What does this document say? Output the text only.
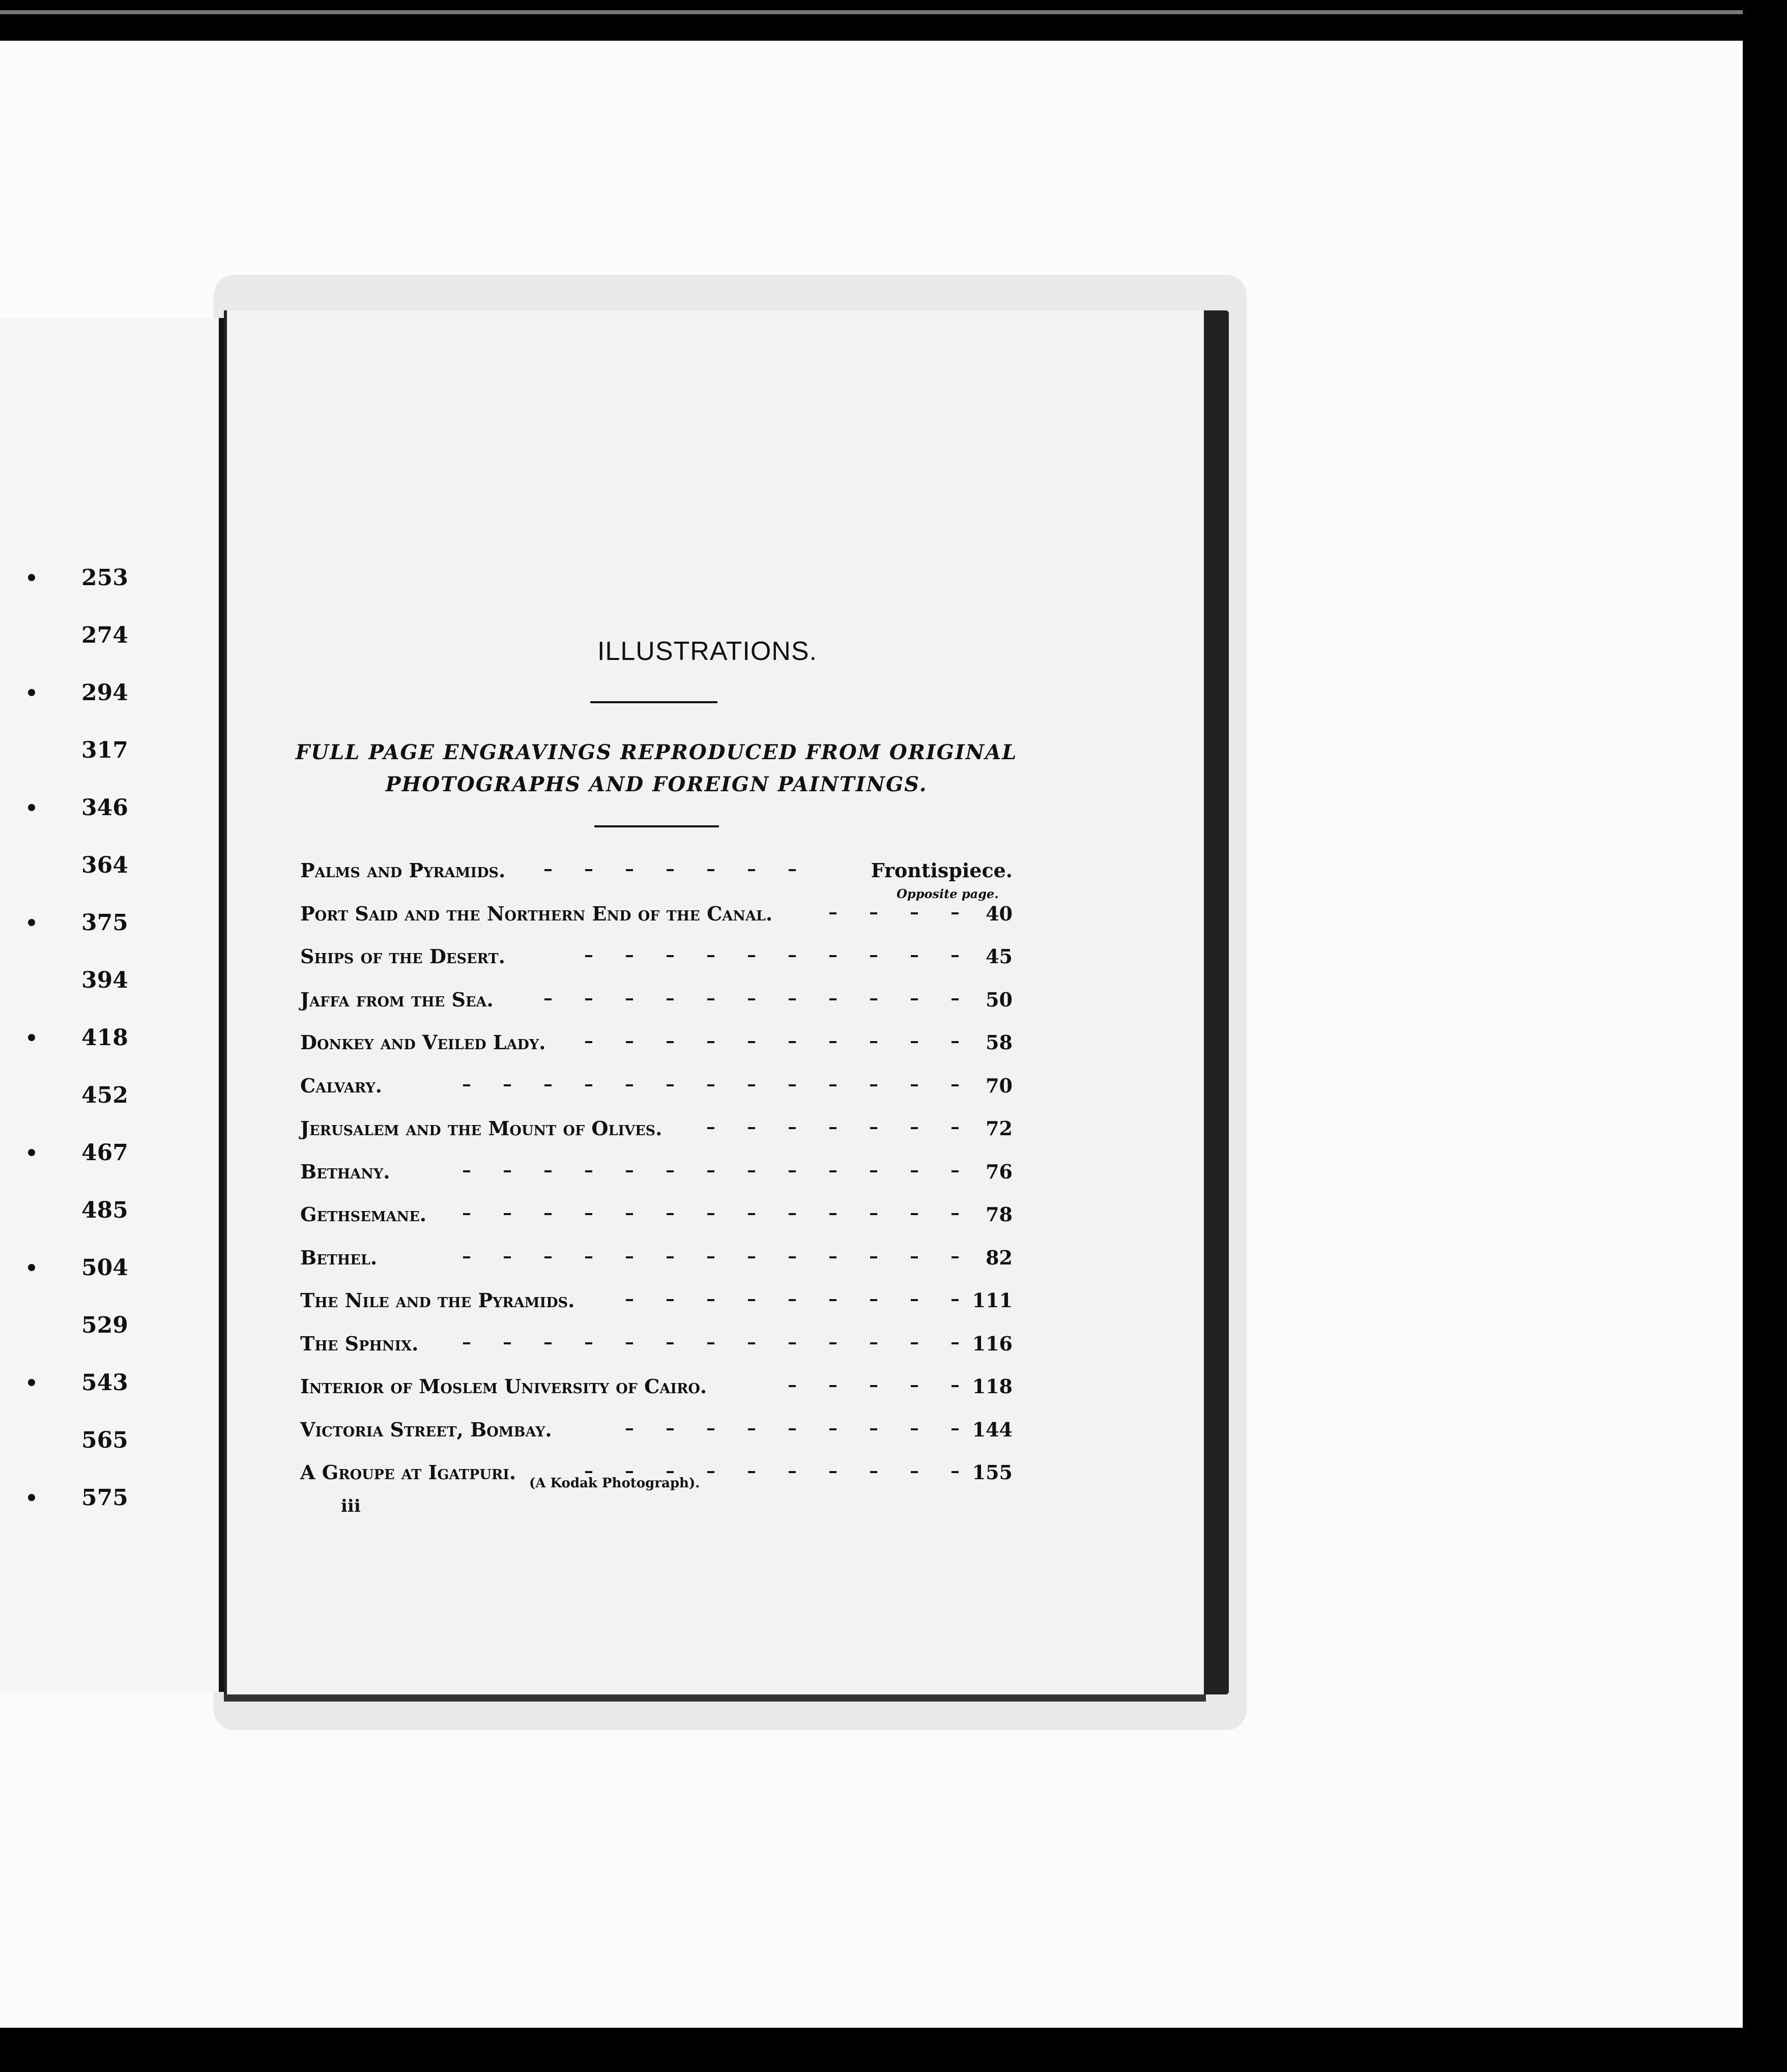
253
274
294
317
346
364
375
394
418
452
467
485
504
529
543
565
575
ILLUSTRATIONS.
FULL PAGE ENGRAVINGS REPRODUCED FROM ORIGINAL
PHOTOGRAPHS AND FOREIGN PAINTINGS.
Opposite page.
Palms and Pyramids.	Frontispiece.
Port Said and the Northern End of the Canal.	40
Ships of the Desert.	45
Jaffa from the Sea.	50
Donkey and Veiled Lady.	58
Calvary.	70
Jerusalem and the Mount of Olives.	72
Bethany.	76
Gethsemane.	78
Bethel.	82
The Nile and the Pyramids.	111
The Sphnix.	116
Interior of Moslem University of Cairo.	118
Victoria Street, Bombay.	144
A Groupe at Igatpuri.	155
(A Kodak Photograph).
iii
